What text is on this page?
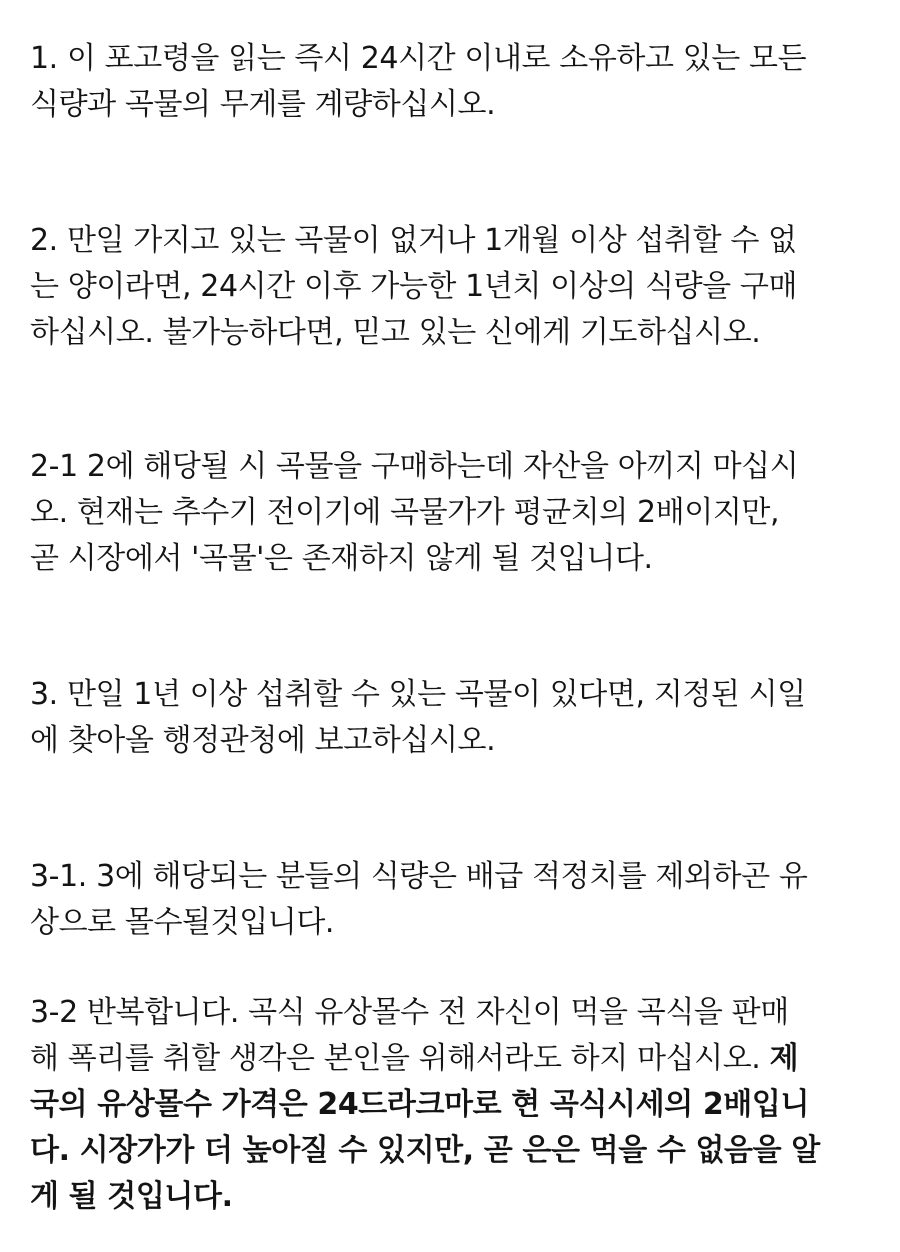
1. 이 포고령을 읽는 즉시 24시간 이내로 소유하고 있는 모든
식량과 곡물의 무게를 계량하십시오.

2. 만일 가지고 있는 곡물이 없거나 1개월 이상 섭취할 수 없
는 양이라면, 24시간 이후 가능한 1년치 이상의 식량을 구매
하십시오. 불가능하다면, 믿고 있는 신에게 기도하십시오.

2-1 2에 해당될 시 곡물을 구매하는데 자산을 아끼지 마십시
오. 현재는 추수기 전이기에 곡물가가 평균치의 2배이지만,
곧 시장에서 '곡물'은 존재하지 않게 될 것입니다.

3. 만일 1년 이상 섭취할 수 있는 곡물이 있다면, 지정된 시일
에 찾아올 행정관청에 보고하십시오.

3-1. 3에 해당되는 분들의 식량은 배급 적정치를 제외하곤 유
상으로 몰수될것입니다.

3-2 반복합니다. 곡식 유상몰수 전 자신이 먹을 곡식을 판매
해 폭리를 취할 생각은 본인을 위해서라도 하지 마십시오. 제
국의 유상몰수 가격은 24드라크마로 현 곡식시세의 2배입니
다. 시장가가 더 높아질 수 있지만, 곧 은은 먹을 수 없음을 알
게 될 것입니다.
